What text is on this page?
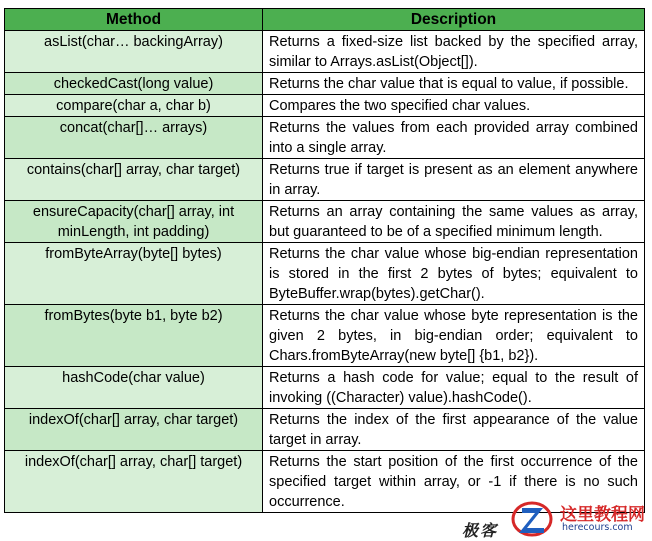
Method	Description
asList(char… backingArray)	Returns a fixed-size list backed by the specified array, similar to Arrays.asList(Object[]).
checkedCast(long value)	Returns the char value that is equal to value, if possible.
compare(char a, char b)	Compares the two specified char values.
concat(char[]… arrays)	Returns the values from each provided array combined into a single array.
contains(char[] array, char target)	Returns true if target is present as an element anywhere in array.
ensureCapacity(char[] array, int minLength, int padding)	Returns an array containing the same values as array, but guaranteed to be of a specified minimum length.
fromByteArray(byte[] bytes)	Returns the char value whose big-endian representation is stored in the first 2 bytes of bytes; equivalent to ByteBuffer.wrap(bytes).getChar().
fromBytes(byte b1, byte b2)	Returns the char value whose byte representation is the given 2 bytes, in big-endian order; equivalent to Chars.fromByteArray(new byte[] {b1, b2}).
hashCode(char value)	Returns a hash code for value; equal to the result of invoking ((Character) value).hashCode().
indexOf(char[] array, char target)	Returns the index of the first appearance of the value target in array.
indexOf(char[] array, char[] target)	Returns the start position of the first occurrence of the specified target within array, or -1 if there is no such occurrence.
极客
这里教程网
herecours.com
